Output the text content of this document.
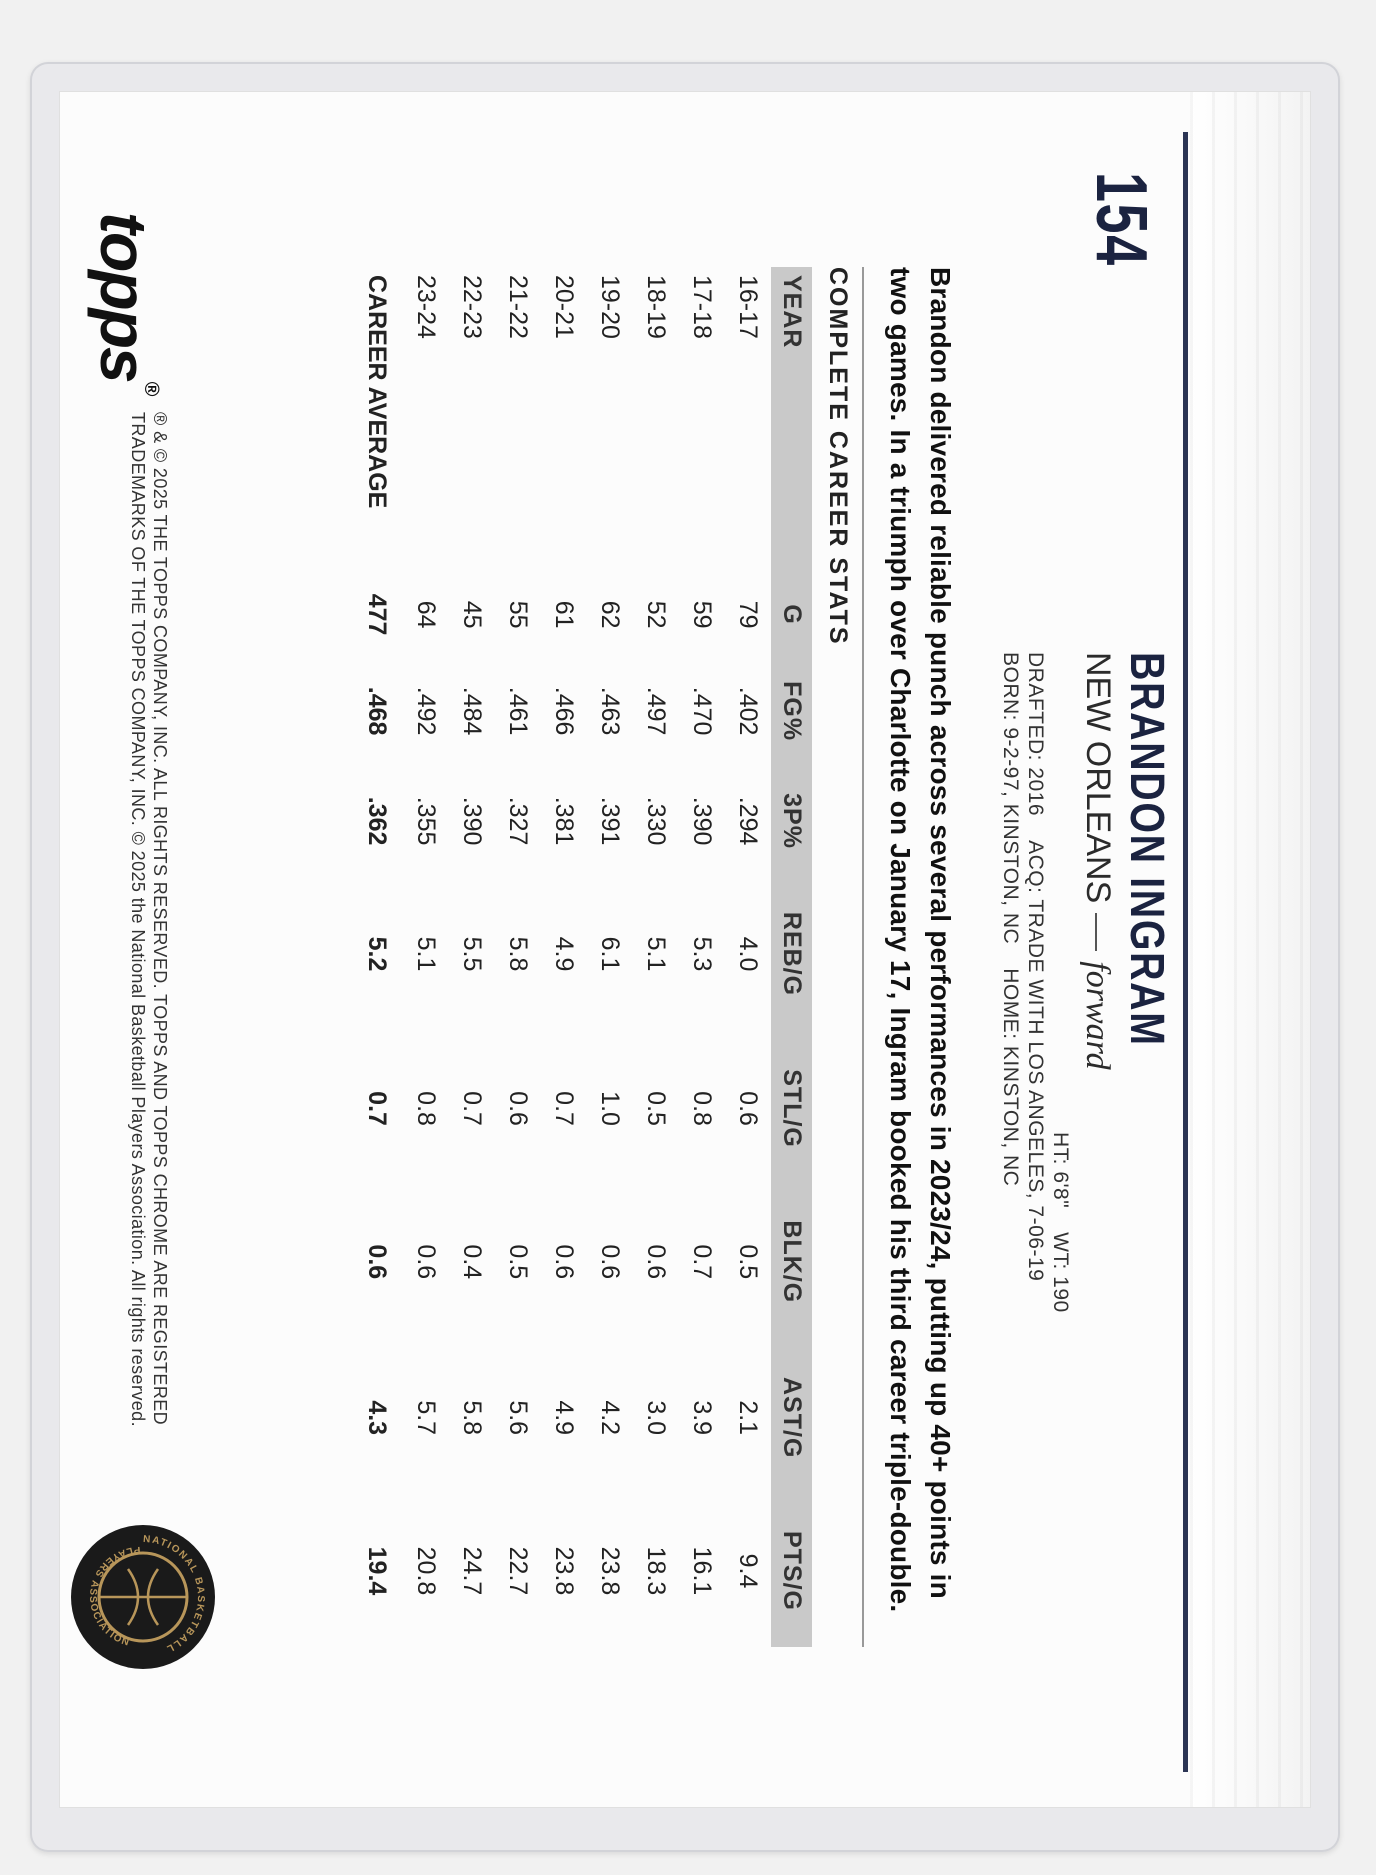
154
BRANDON INGRAM
NEW ORLEANSforward
HT: 6'8"WT: 190
DRAFTED: 2016ACQ: TRADE WITH LOS ANGELES, 7-06-19
BORN: 9-2-97, KINSTON, NCHOME: KINSTON, NC
Brandon delivered reliable punch across several performances in 2023/24, putting up 40+ points in two games. In a triumph over Charlotte on January 17, Ingram booked his third career triple-double.
COMPLETE CAREER STATS
YEAR	G	FG%	3P%	REB/G	STL/G	BLK/G	AST/G	PTS/G
16-17	79	.402	.294	4.0	0.6	0.5	2.1	9.4
17-18	59	.470	.390	5.3	0.8	0.7	3.9	16.1
18-19	52	.497	.330	5.1	0.5	0.6	3.0	18.3
19-20	62	.463	.391	6.1	1.0	0.6	4.2	23.8
20-21	61	.466	.381	4.9	0.7	0.6	4.9	23.8
21-22	55	.461	.327	5.8	0.6	0.5	5.6	22.7
22-23	45	.484	.390	5.5	0.7	0.4	5.8	24.7
23-24	64	.492	.355	5.1	0.8	0.6	5.7	20.8
CAREER AVERAGE	477	.468	.362	5.2	0.7	0.6	4.3	19.4
topps®
® & © 2025 THE TOPPS COMPANY, INC. ALL RIGHTS RESERVED. TOPPS AND TOPPS CHROME ARE REGISTERED
TRADEMARKS OF THE TOPPS COMPANY, INC. © 2025 the National Basketball Players Association. All rights reserved.
NATIONAL BASKETBALL
PLAYERS ASSOCIATION
